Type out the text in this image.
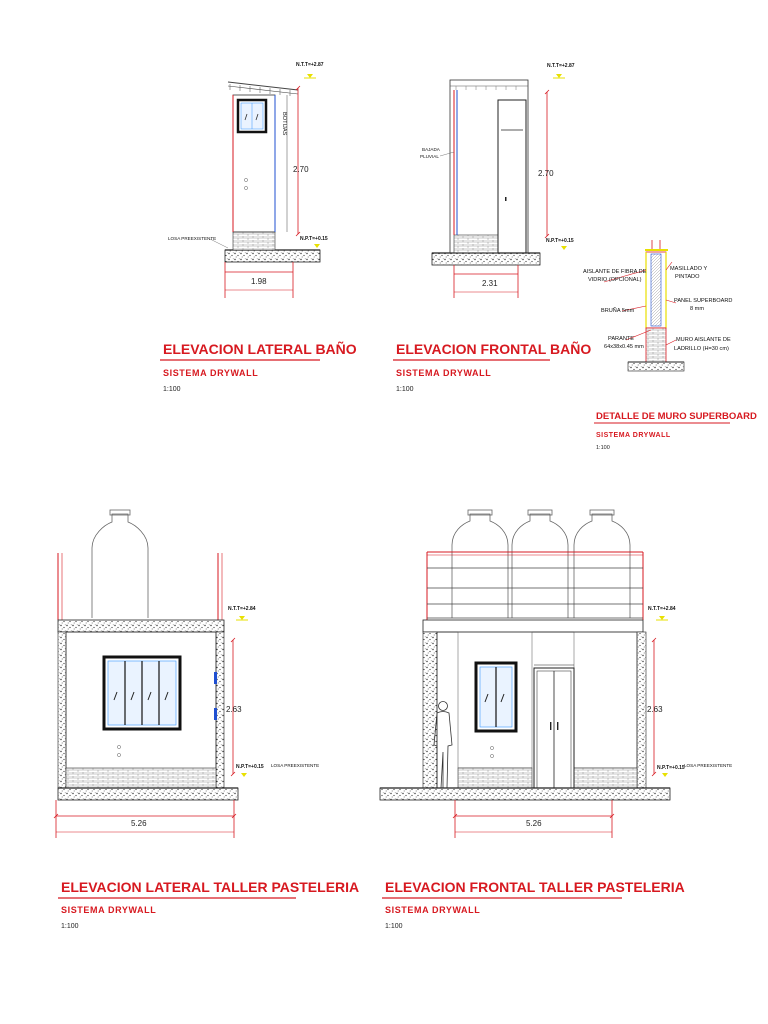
BOTIJAS
2.70
N.T.T=+2.87
N.P.T=+0.15
LOSA PREEXISTENTE
1.98
2.70
N.T.T=+2.87
N.P.T=+0.15
BAJADA
PLUVIAL
2.31
AISLANTE DE FIBRA DE
VIDRIO (OPCIONAL)
MASILLADO Y
PINTADO
BRUÑA 5mm
PANEL SUPERBOARD
8 mm
PARANTE
64x38x0.45 mm
MURO AISLANTE DE
LADRILLO (H=30 cm)
DETALLE DE MURO SUPERBOARD
SISTEMA DRYWALL
1:100
2.63
N.T.T=+2.84
N.P.T=+0.15 LOSA PREEXISTENTE
5.26
2.63
N.T.T=+2.84
N.P.T=+0.15 LOSA PREEXISTENTE
5.26
ELEVACION LATERAL BAÑO
SISTEMA DRYWALL
1:100
ELEVACION FRONTAL BAÑO
SISTEMA DRYWALL
1:100
ELEVACION LATERAL TALLER PASTELERIA
SISTEMA DRYWALL
1:100
ELEVACION FRONTAL TALLER PASTELERIA
SISTEMA DRYWALL
1:100
